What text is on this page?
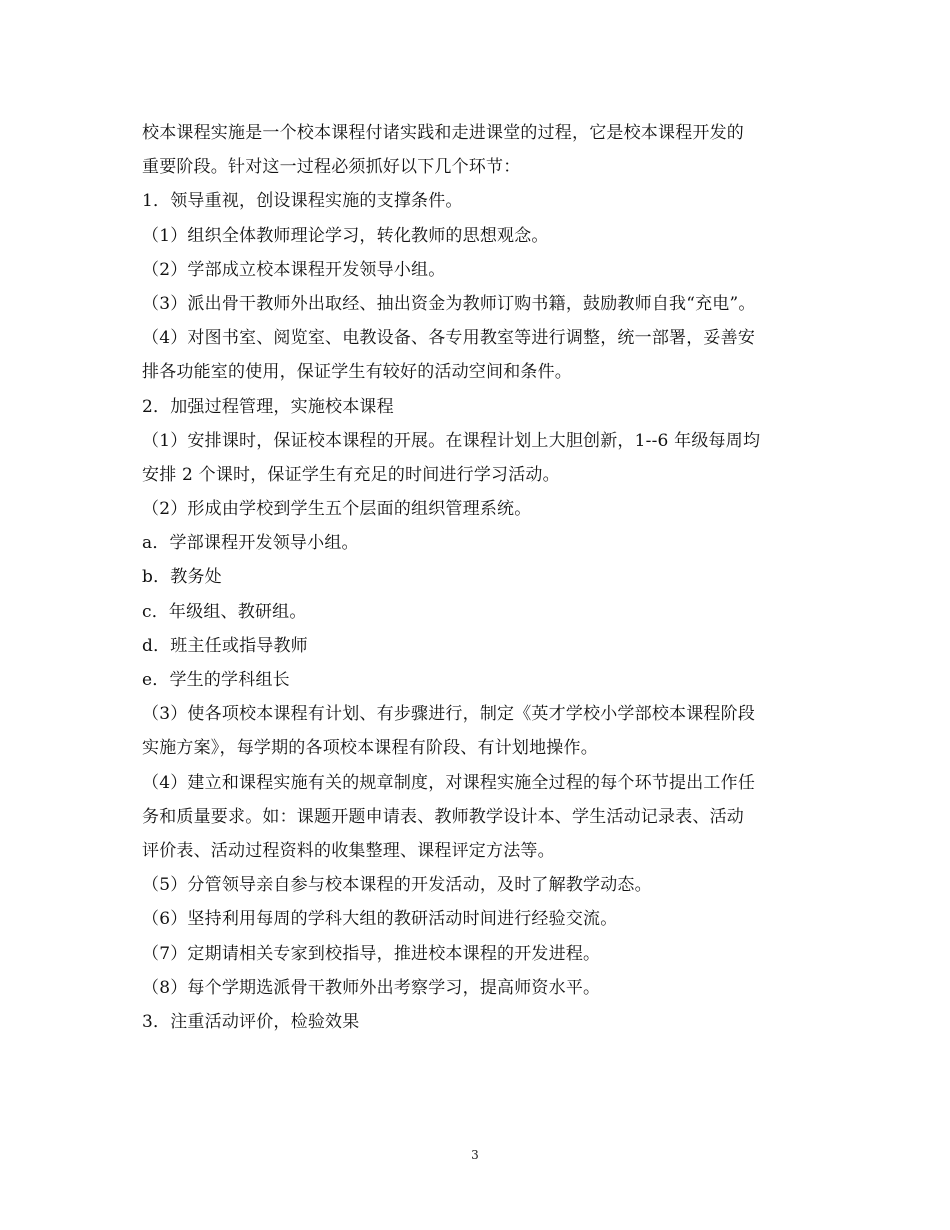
校本课程实施是一个校本课程付诸实践和走进课堂的过程，它是校本课程开发的
重要阶段。针对这一过程必须抓好以下几个环节：
1．领导重视，创设课程实施的支撑条件。
（1）组织全体教师理论学习，转化教师的思想观念。
（2）学部成立校本课程开发领导小组。
（3）派出骨干教师外出取经、抽出资金为教师订购书籍，鼓励教师自我“充电”。
（4）对图书室、阅览室、电教设备、各专用教室等进行调整，统一部署，妥善安
排各功能室的使用，保证学生有较好的活动空间和条件。
2．加强过程管理，实施校本课程
（1）安排课时，保证校本课程的开展。在课程计划上大胆创新，1--6 年级每周均
安排 2 个课时，保证学生有充足的时间进行学习活动。
（2）形成由学校到学生五个层面的组织管理系统。
a．学部课程开发领导小组。
b．教务处
c．年级组、教研组。
d．班主任或指导教师
e．学生的学科组长
（3）使各项校本课程有计划、有步骤进行，制定《英才学校小学部校本课程阶段
实施方案》，每学期的各项校本课程有阶段、有计划地操作。
（4）建立和课程实施有关的规章制度，对课程实施全过程的每个环节提出工作任
务和质量要求。如：课题开题申请表、教师教学设计本、学生活动记录表、活动
评价表、活动过程资料的收集整理、课程评定方法等。
（5）分管领导亲自参与校本课程的开发活动，及时了解教学动态。
（6）坚持利用每周的学科大组的教研活动时间进行经验交流。
（7）定期请相关专家到校指导，推进校本课程的开发进程。
（8）每个学期选派骨干教师外出考察学习，提高师资水平。
3．注重活动评价，检验效果
3
